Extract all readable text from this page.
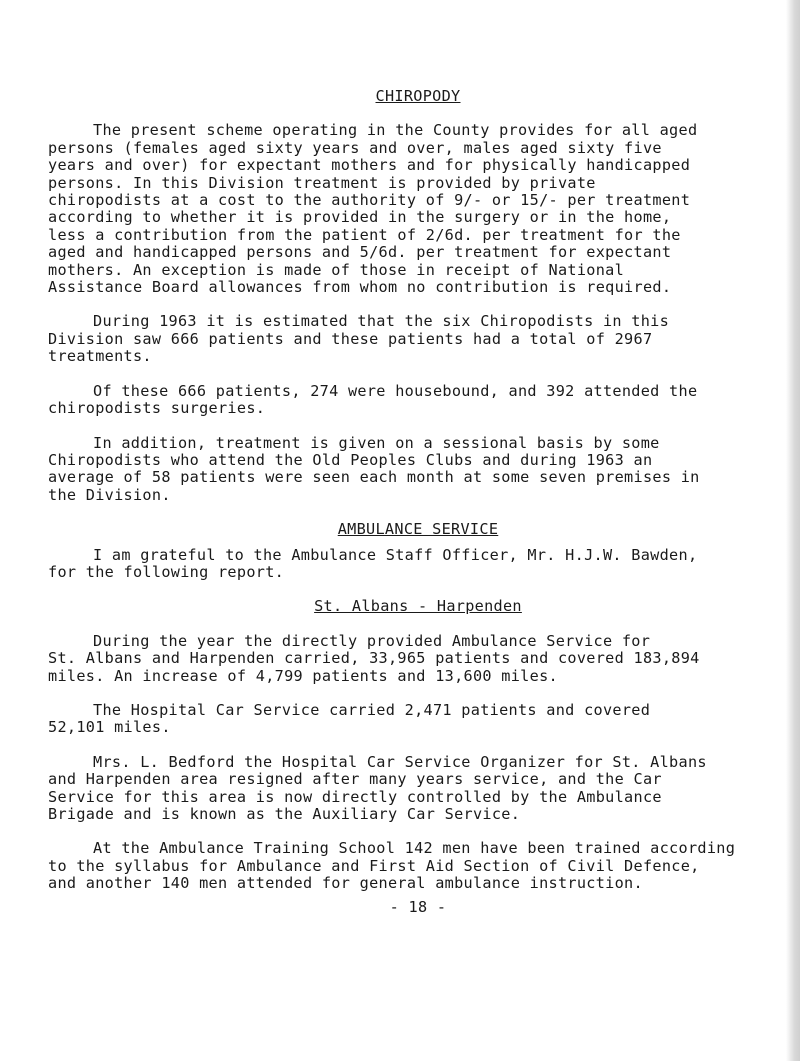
CHIROPODY

The present scheme operating in the County provides for all aged
persons (females aged sixty years and over, males aged sixty five
years and over) for expectant mothers and for physically handicapped
persons. In this Division treatment is provided by private
chiropodists at a cost to the authority of 9/- or 15/- per treatment
according to whether it is provided in the surgery or in the home,
less a contribution from the patient of 2/6d. per treatment for the
aged and handicapped persons and 5/6d. per treatment for expectant
mothers. An exception is made of those in receipt of National
Assistance Board allowances from whom no contribution is required.

During 1963 it is estimated that the six Chiropodists in this
Division saw 666 patients and these patients had a total of 2967
treatments.

Of these 666 patients, 274 were housebound, and 392 attended the
chiropodists surgeries.

In addition, treatment is given on a sessional basis by some
Chiropodists who attend the Old Peoples Clubs and during 1963 an
average of 58 patients were seen each month at some seven premises in
the Division.

AMBULANCE SERVICE

I am grateful to the Ambulance Staff Officer, Mr. H.J.W. Bawden,
for the following report.

St. Albans - Harpenden

During the year the directly provided Ambulance Service for
St. Albans and Harpenden carried, 33,965 patients and covered 183,894
miles. An increase of 4,799 patients and 13,600 miles.

The Hospital Car Service carried 2,471 patients and covered
52,101 miles.

Mrs. L. Bedford the Hospital Car Service Organizer for St. Albans
and Harpenden area resigned after many years service, and the Car
Service for this area is now directly controlled by the Ambulance
Brigade and is known as the Auxiliary Car Service.

At the Ambulance Training School 142 men have been trained according
to the syllabus for Ambulance and First Aid Section of Civil Defence,
and another 140 men attended for general ambulance instruction.

- 18 -
